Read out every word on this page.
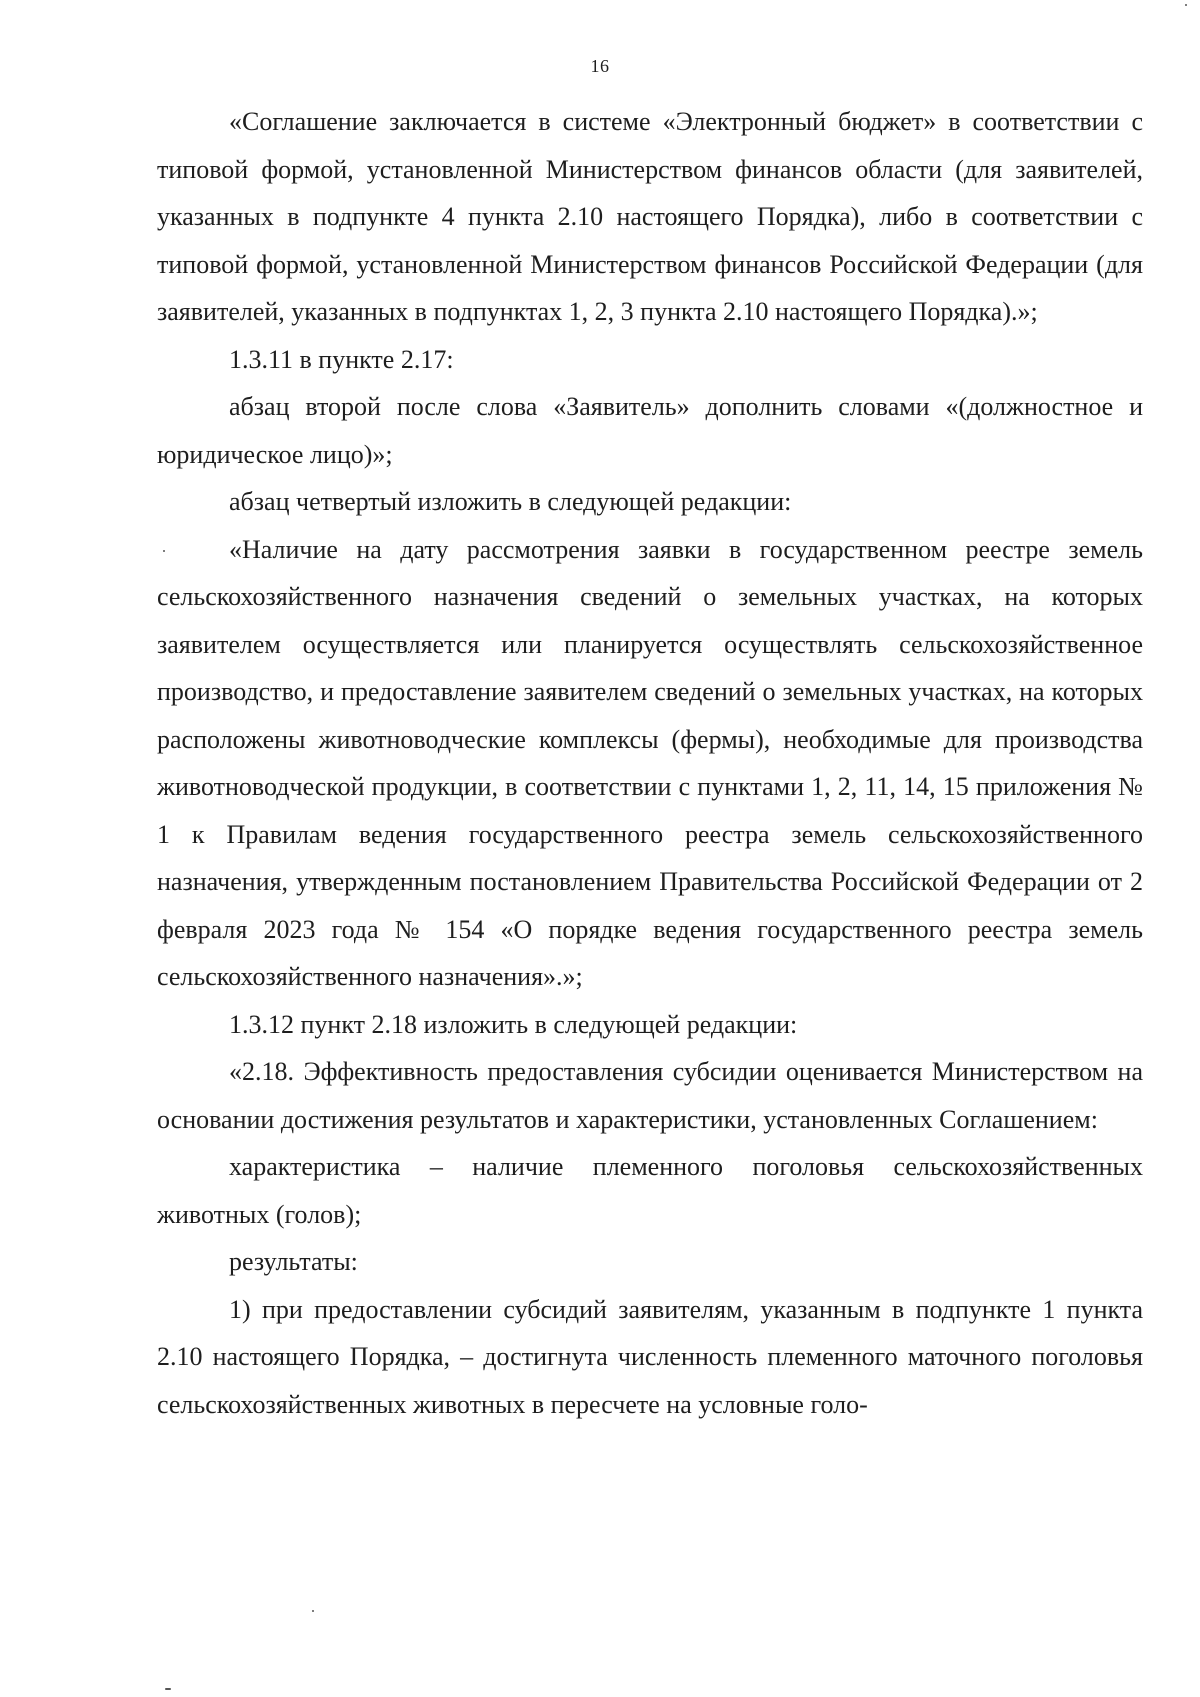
16

«Соглашение заключается в системе «Электронный бюджет» в соответствии с типовой формой, установленной Министерством финансов области (для заявителей, указанных в подпункте 4 пункта 2.10 настоящего Порядка), либо в соответствии с типовой формой, установленной Министерством финансов Российской Федерации (для заявителей, указанных в подпунктах 1, 2, 3 пункта 2.10 настоящего Порядка).»;

1.3.11 в пункте 2.17:

абзац второй после слова «Заявитель» дополнить словами «(должностное и юридическое лицо)»;

абзац четвертый изложить в следующей редакции:

«Наличие на дату рассмотрения заявки в государственном реестре земель сельскохозяйственного назначения сведений о земельных участках, на которых заявителем осуществляется или планируется осуществлять сельскохозяйственное производство, и предоставление заявителем сведений о земельных участках, на которых расположены животноводческие комплексы (фермы), необходимые для производства животноводческой продукции, в соответствии с пунктами 1, 2, 11, 14, 15 приложения № 1 к Правилам ведения государственного реестра земель сельскохозяйственного назначения, утвержденным постановлением Правительства Российской Федерации от 2 февраля 2023 года № 154 «О порядке ведения государственного реестра земель сельскохозяйственного назначения».»;

1.3.12 пункт 2.18 изложить в следующей редакции:

«2.18. Эффективность предоставления субсидии оценивается Министерством на основании достижения результатов и характеристики, установленных Соглашением:

характеристика – наличие племенного поголовья сельскохозяйственных животных (голов);

результаты:

1) при предоставлении субсидий заявителям, указанным в подпункте 1 пункта 2.10 настоящего Порядка, – достигнута численность племенного маточного поголовья сельскохозяйственных животных в пересчете на условные голо-
